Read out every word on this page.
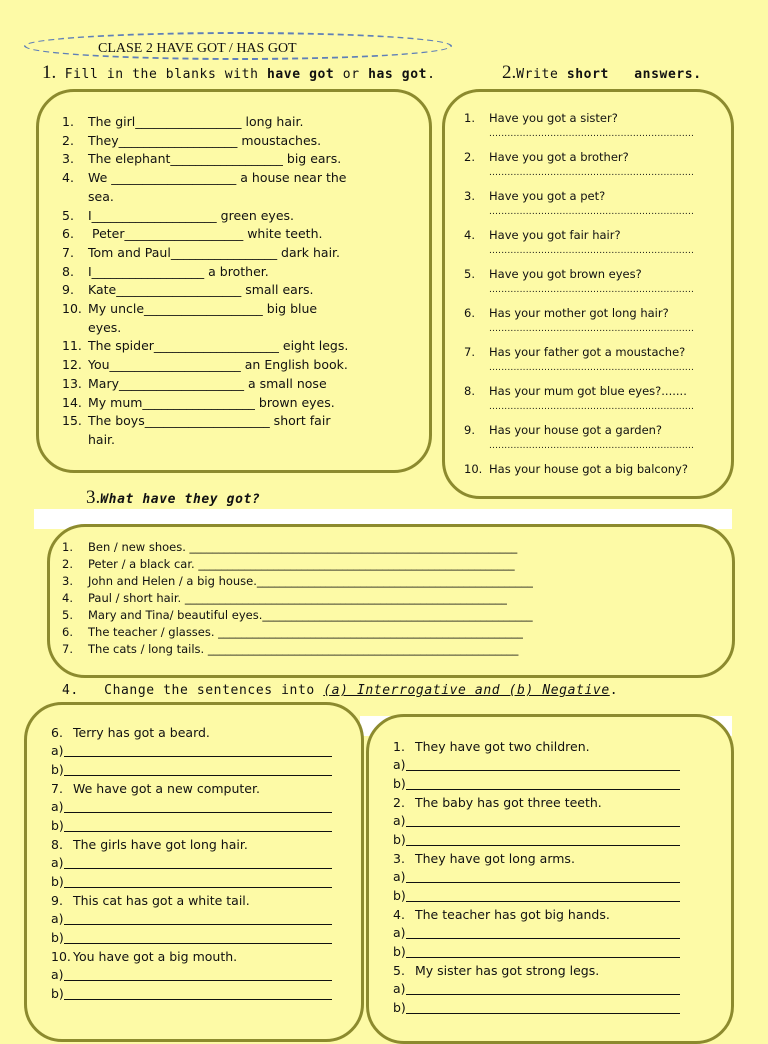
CLASE 2 HAVE GOT / HAS GOT
1. Fill in the blanks with have got or has got.	2.Write short   answers.
1.	The girl_________________ long hair.
2.	They___________________ moustaches.
3.	The elephant__________________ big ears.
4.	We ____________________ a house near the
sea.
5.	I____________________ green eyes.
6.	Peter___________________ white teeth.
7.	Tom and Paul_________________ dark hair.
8.	I__________________ a brother.
9.	Kate____________________ small ears.
10. My uncle___________________ big blue
eyes.
11. The spider____________________ eight legs.
12. You_____________________ an English book.
13. Mary____________________ a small nose
14. My mum__________________ brown eyes.
15. The boys____________________ short fair
hair.
1.	Have you got a sister?
...................................................................
2.	Have you got a brother?
...................................................................
3.	Have you got a pet?
...................................................................
4.	Have you got fair hair?
...................................................................
5.	Have you got brown eyes?
...................................................................
6.	Has your mother got long hair?
...................................................................
7.	Has your father got a moustache?
...................................................................
8.	Has your mum got blue eyes?.......
...................................................................
9.	Has your house got a garden?
...................................................................
10. Has your house got a big balcony?
3.What have they got?
1.	Ben / new shoes. _________________________________________________________
2.	Peter / a black car. _______________________________________________________
3.	John and Helen / a big house.________________________________________________
4.	Paul / short hair. ________________________________________________________
5.	Mary and Tina/ beautiful eyes._______________________________________________
6.	The teacher / glasses. _____________________________________________________
7.	The cats / long tails. ______________________________________________________
4. Change the sentences into (a) Interrogative and (b) Negative.
6. Terry has got a beard.
a)
b)
7. We have got a new computer.
a)
b)
8. The girls have got long hair.
a)
b)
9. This cat has got a white tail.
a)
b)
10. You have got a big mouth.
a)
b)
1. They have got two children.
a)
b)
2. The baby has got three teeth.
a)
b)
3. They have got long arms.
a)
b)
4. The teacher has got big hands.
a)
b)
5. My sister has got strong legs.
a)
b)
